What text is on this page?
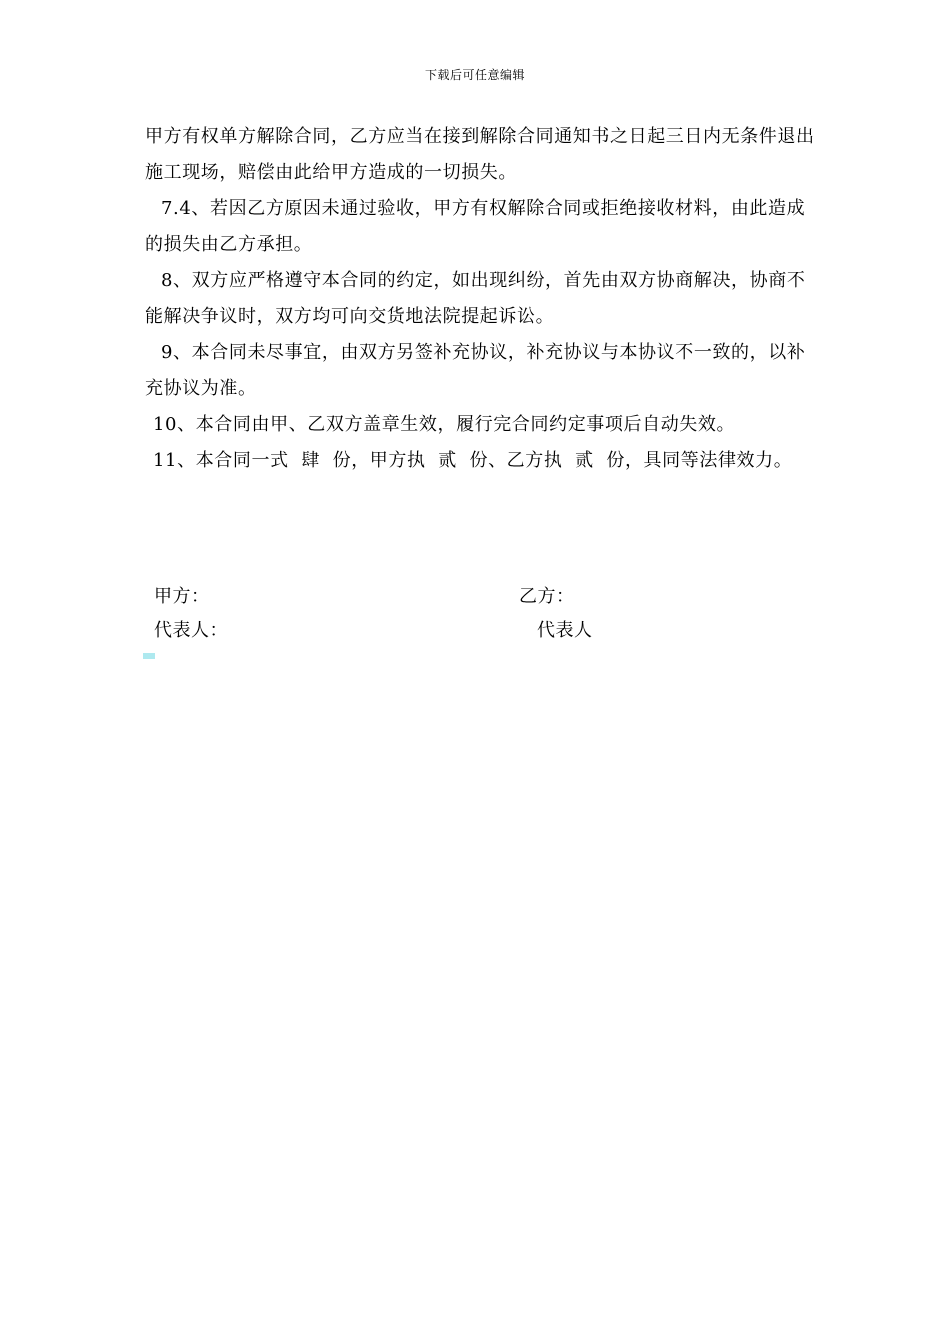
下载后可任意编辑

甲方有权单方解除合同，乙方应当在接到解除合同通知书之日起三日内无条件退出施工现场，赔偿由此给甲方造成的一切损失。

7.4、若因乙方原因未通过验收，甲方有权解除合同或拒绝接收材料，由此造成的损失由乙方承担。

8、双方应严格遵守本合同的约定，如出现纠纷，首先由双方协商解决，协商不能解决争议时，双方均可向交货地法院提起诉讼。

9、本合同未尽事宜，由双方另签补充协议，补充协议与本协议不一致的，以补充协议为准。

10、本合同由甲、乙双方盖章生效，履行完合同约定事项后自动失效。

11、本合同一式  肆  份，甲方执  贰  份、乙方执  贰  份，具同等法律效力。

甲方：	乙方：
代表人：	代表人
